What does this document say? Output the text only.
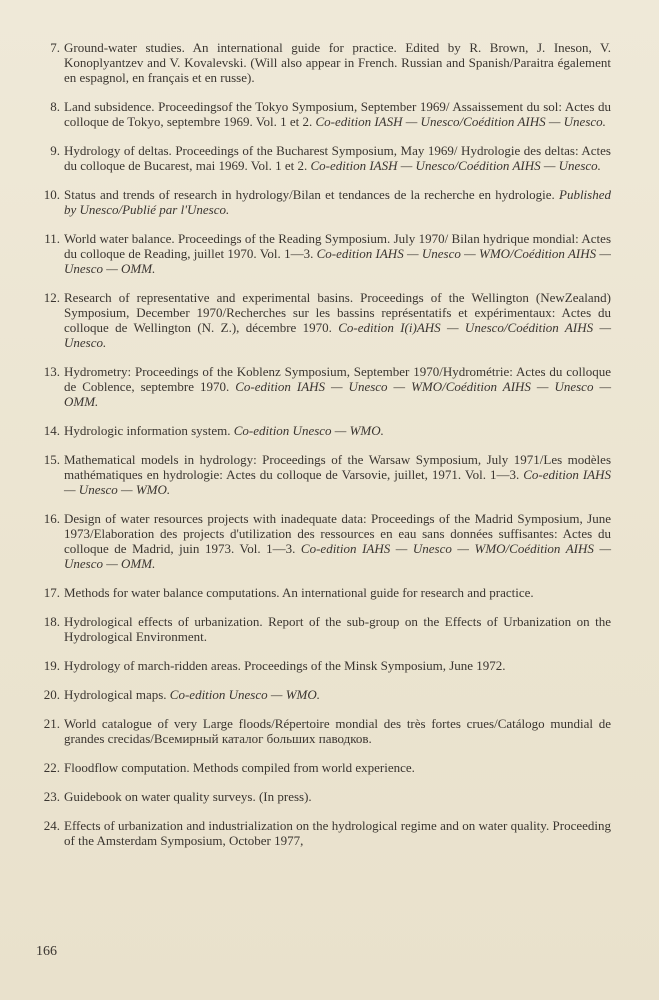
7. Ground-water studies. An international guide for practice. Edited by R. Brown, J. Ineson, V. Konoplyantzev and V. Kovalevski. (Will also appear in French. Russian and Spanish/Paraitra également en espagnol, en français et en russe).
8. Land subsidence. Proceedingsof the Tokyo Symposium, September 1969/ Assaissement du sol: Actes du colloque de Tokyo, septembre 1969. Vol. 1 et 2. Co-edition IASH — Unesco/Coédition AIHS — Unesco.
9. Hydrology of deltas. Proceedings of the Bucharest Symposium, May 1969/ Hydrologie des deltas: Actes du colloque de Bucarest, mai 1969. Vol. 1 et 2. Co-edition IASH — Unesco/Coédition AIHS — Unesco.
10. Status and trends of research in hydrology/Bilan et tendances de la recherche en hydrologie. Published by Unesco/Publié par l'Unesco.
11. World water balance. Proceedings of the Reading Symposium. July 1970/ Bilan hydrique mondial: Actes du colloque de Reading, juillet 1970. Vol. 1—3. Co-edition IAHS — Unesco — WMO/Coédition AIHS — Unesco — OMM.
12. Research of representative and experimental basins. Proceedings of the Wellington (NewZealand) Symposium, December 1970/Recherches sur les bassins représentatifs et expérimentaux: Actes du colloque de Wellington (N. Z.), décembre 1970. Co-edition I(i)AHS — Unesco/Coédition AIHS — Unesco.
13. Hydrometry: Proceedings of the Koblenz Symposium, September 1970/Hydrométrie: Actes du colloque de Coblence, septembre 1970. Co-edition IAHS — Unesco — WMO/Coédition AIHS — Unesco — OMM.
14. Hydrologic information system. Co-edition Unesco — WMO.
15. Mathematical models in hydrology: Proceedings of the Warsaw Symposium, July 1971/Les modèles mathématiques en hydrologie: Actes du colloque de Varsovie, juillet, 1971. Vol. 1—3. Co-edition IAHS — Unesco — WMO.
16. Design of water resources projects with inadequate data: Proceedings of the Madrid Symposium, June 1973/Elaboration des projects d'utilization des ressources en eau sans données suffisantes: Actes du colloque de Madrid, juin 1973. Vol. 1—3. Co-edition IAHS — Unesco — WMO/Coédition AIHS — Unesco — OMM.
17. Methods for water balance computations. An international guide for research and practice.
18. Hydrological effects of urbanization. Report of the sub-group on the Effects of Urbanization on the Hydrological Environment.
19. Hydrology of march-ridden areas. Proceedings of the Minsk Symposium, June 1972.
20. Hydrological maps. Co-edition Unesco — WMO.
21. World catalogue of very Large floods/Répertoire mondial des très fortes crues/Catálogo mundial de grandes crecidas/Всемирный каталог больших паводков.
22. Floodflow computation. Methods compiled from world experience.
23. Guidebook on water quality surveys. (In press).
24. Effects of urbanization and industrialization on the hydrological regime and on water quality. Proceeding of the Amsterdam Symposium, October 1977,
166
